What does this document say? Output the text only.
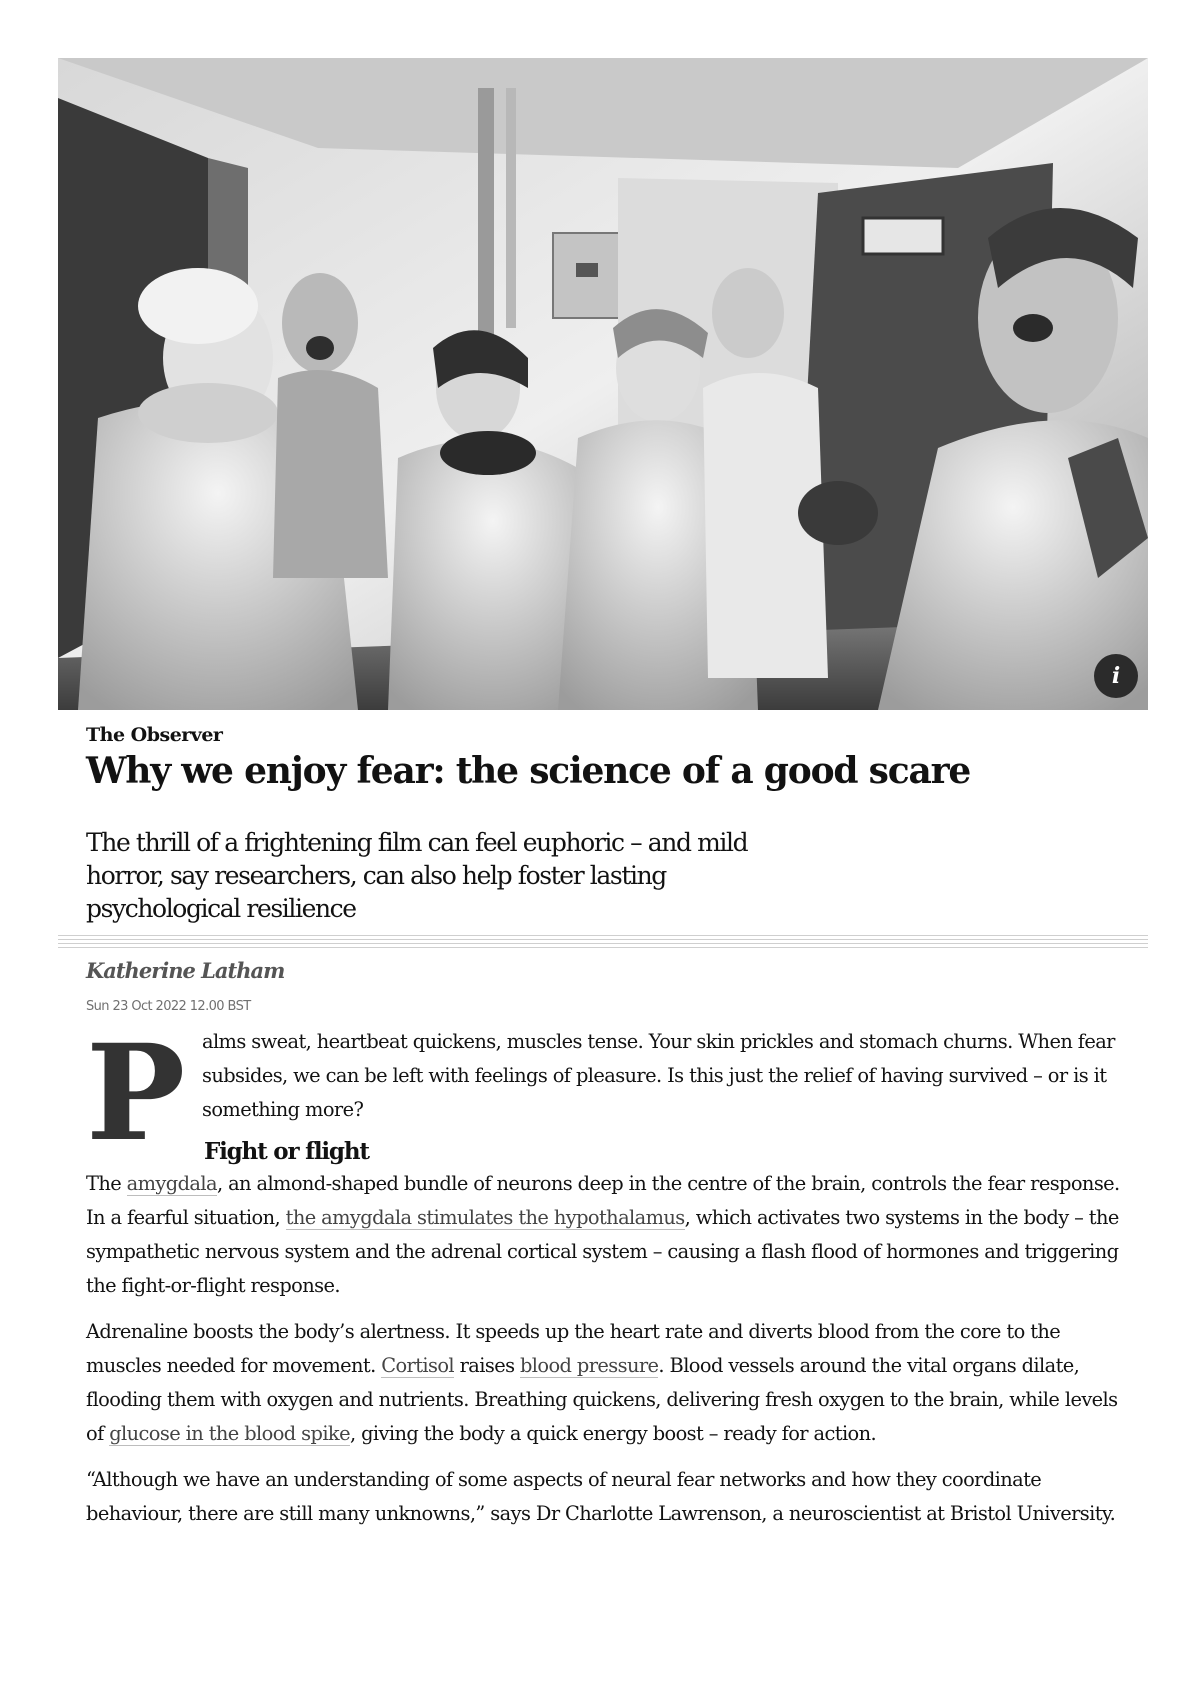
i
The Observer
Why we enjoy fear: the science of a good scare

The thrill of a frightening film can feel euphoric – and mild horror, say researchers, can also help foster lasting psychological resilience

Katherine Latham
Sun 23 Oct 2022 12.00 BST
P alms sweat, heartbeat quickens, muscles tense. Your skin prickles and stomach churns. When fear subsides, we can be left with feelings of pleasure. Is this just the relief of having survived – or is it something more?

Fight or flight

The amygdala, an almond-shaped bundle of neurons deep in the centre of the brain, controls the fear response. In a fearful situation, the amygdala stimulates the hypothalamus, which activates two systems in the body – the sympathetic nervous system and the adrenal cortical system – causing a flash flood of hormones and triggering the fight-or-flight response.

Adrenaline boosts the body’s alertness. It speeds up the heart rate and diverts blood from the core to the muscles needed for movement. Cortisol raises blood pressure. Blood vessels around the vital organs dilate, flooding them with oxygen and nutrients. Breathing quickens, delivering fresh oxygen to the brain, while levels of glucose in the blood spike, giving the body a quick energy boost – ready for action.

“Although we have an understanding of some aspects of neural fear networks and how they coordinate behaviour, there are still many unknowns,” says Dr Charlotte Lawrenson, a neuroscientist at Bristol University.
